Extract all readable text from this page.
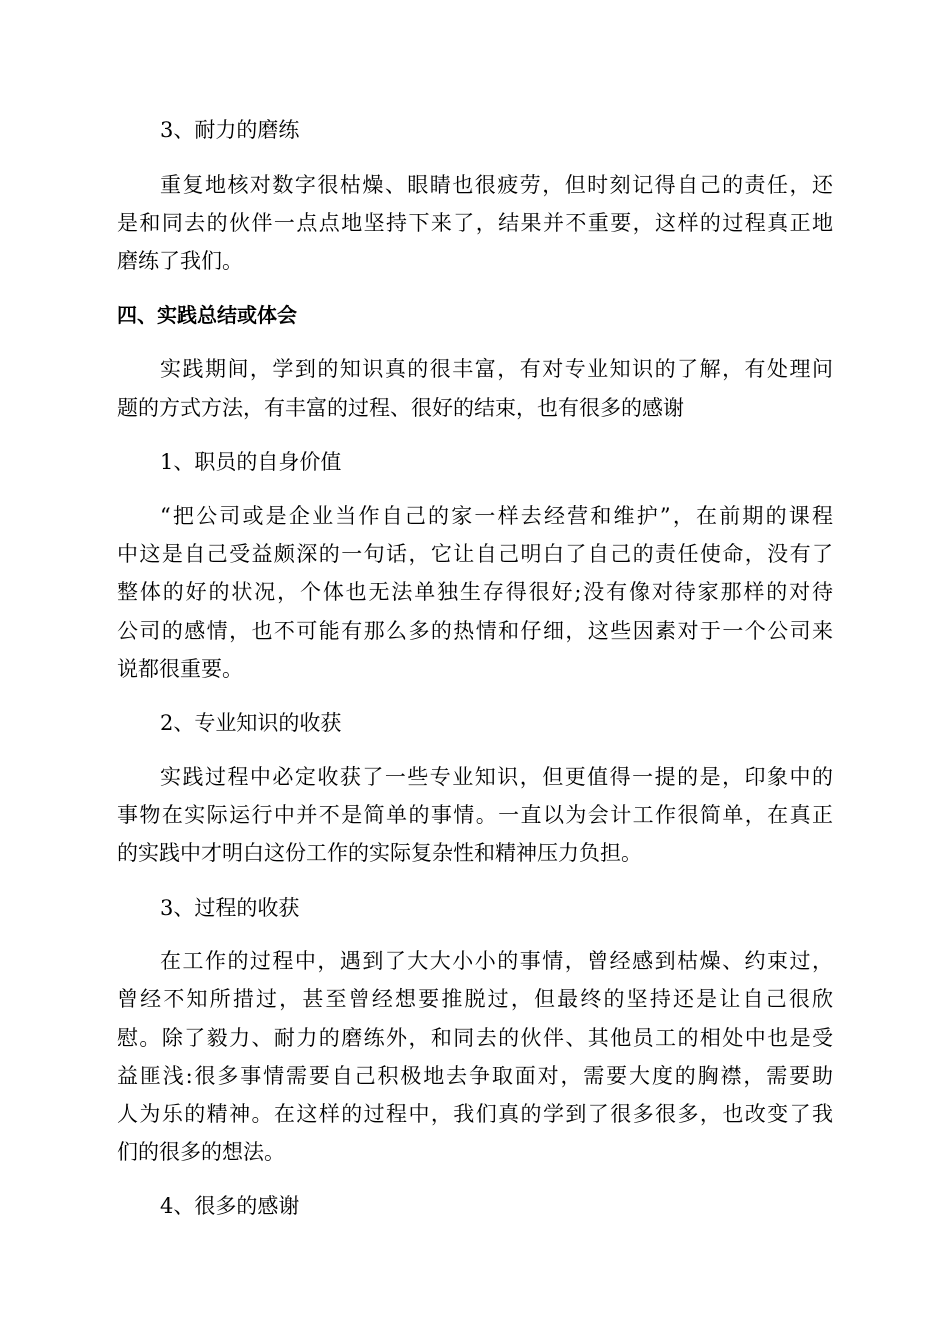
3、耐力的磨练
重复地核对数字很枯燥、眼睛也很疲劳，但时刻记得自己的责任，还
是和同去的伙伴一点点地坚持下来了，结果并不重要，这样的过程真正地
磨练了我们。
四、实践总结或体会
实践期间，学到的知识真的很丰富，有对专业知识的了解，有处理问
题的方式方法，有丰富的过程、很好的结束，也有很多的感谢
1、职员的自身价值
“把公司或是企业当作自己的家一样去经营和维护”，在前期的课程
中这是自己受益颇深的一句话，它让自己明白了自己的责任使命，没有了
整体的好的状况，个体也无法单独生存得很好;没有像对待家那样的对待
公司的感情，也不可能有那么多的热情和仔细，这些因素对于一个公司来
说都很重要。
2、专业知识的收获
实践过程中必定收获了一些专业知识，但更值得一提的是，印象中的
事物在实际运行中并不是简单的事情。一直以为会计工作很简单，在真正
的实践中才明白这份工作的实际复杂性和精神压力负担。
3、过程的收获
在工作的过程中，遇到了大大小小的事情，曾经感到枯燥、约束过，
曾经不知所措过，甚至曾经想要推脱过，但最终的坚持还是让自己很欣
慰。除了毅力、耐力的磨练外，和同去的伙伴、其他员工的相处中也是受
益匪浅:很多事情需要自己积极地去争取面对，需要大度的胸襟，需要助
人为乐的精神。在这样的过程中，我们真的学到了很多很多，也改变了我
们的很多的想法。
4、很多的感谢
